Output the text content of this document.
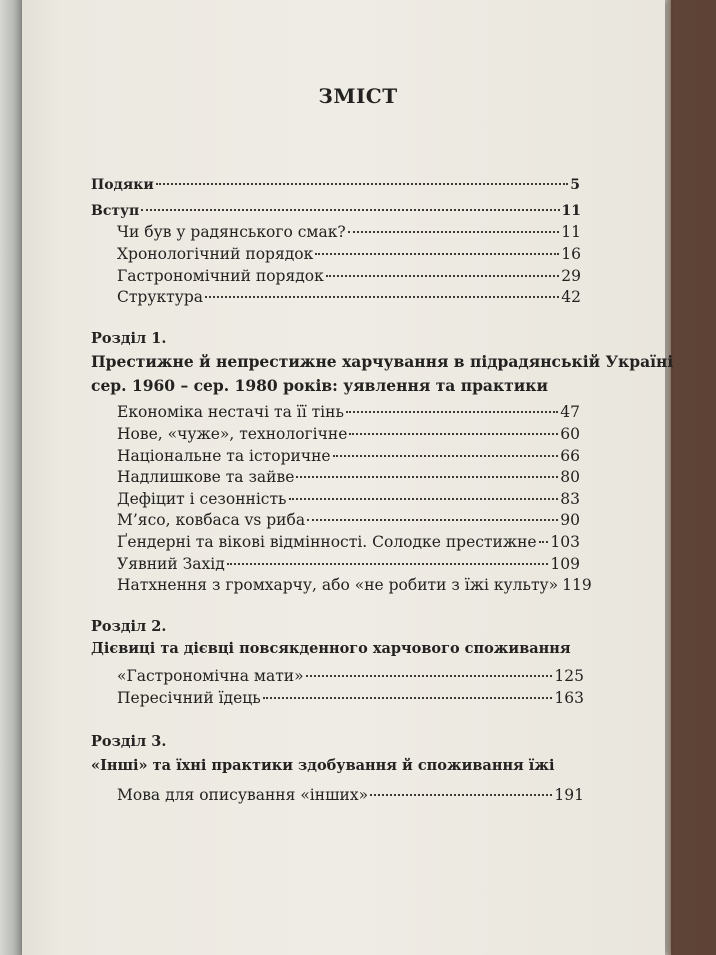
ЗМІСТ
Подяки	5
Вступ	11
Чи був у радянського смак?	11
Хронологічний порядок	16
Гастрономічний порядок	29
Структура	42
Розділ 1.
Престижне й непрестижне харчування в підрадянській Україні
сер. 1960 – сер. 1980 років: уявлення та практики
Економіка нестачі та її тінь	47
Нове, «чуже», технологічне	60
Національне та історичне	66
Надлишкове та зайве	80
Дефіцит і сезонність	83
М’ясо, ковбаса vs риба	90
Ґендерні та вікові відмінності. Солодке престижне 103
Уявний Захід	109
Натхнення з громхарчу, або «не робити з їжі культу» 119
Розділ 2.
Дієвиці та дієвці повсякденного харчового споживання
«Гастрономічна мати»	125
Пересічний їдець	163
Розділ 3.
«Інші» та їхні практики здобування й споживання їжі
Мова для описування «інших»	191
